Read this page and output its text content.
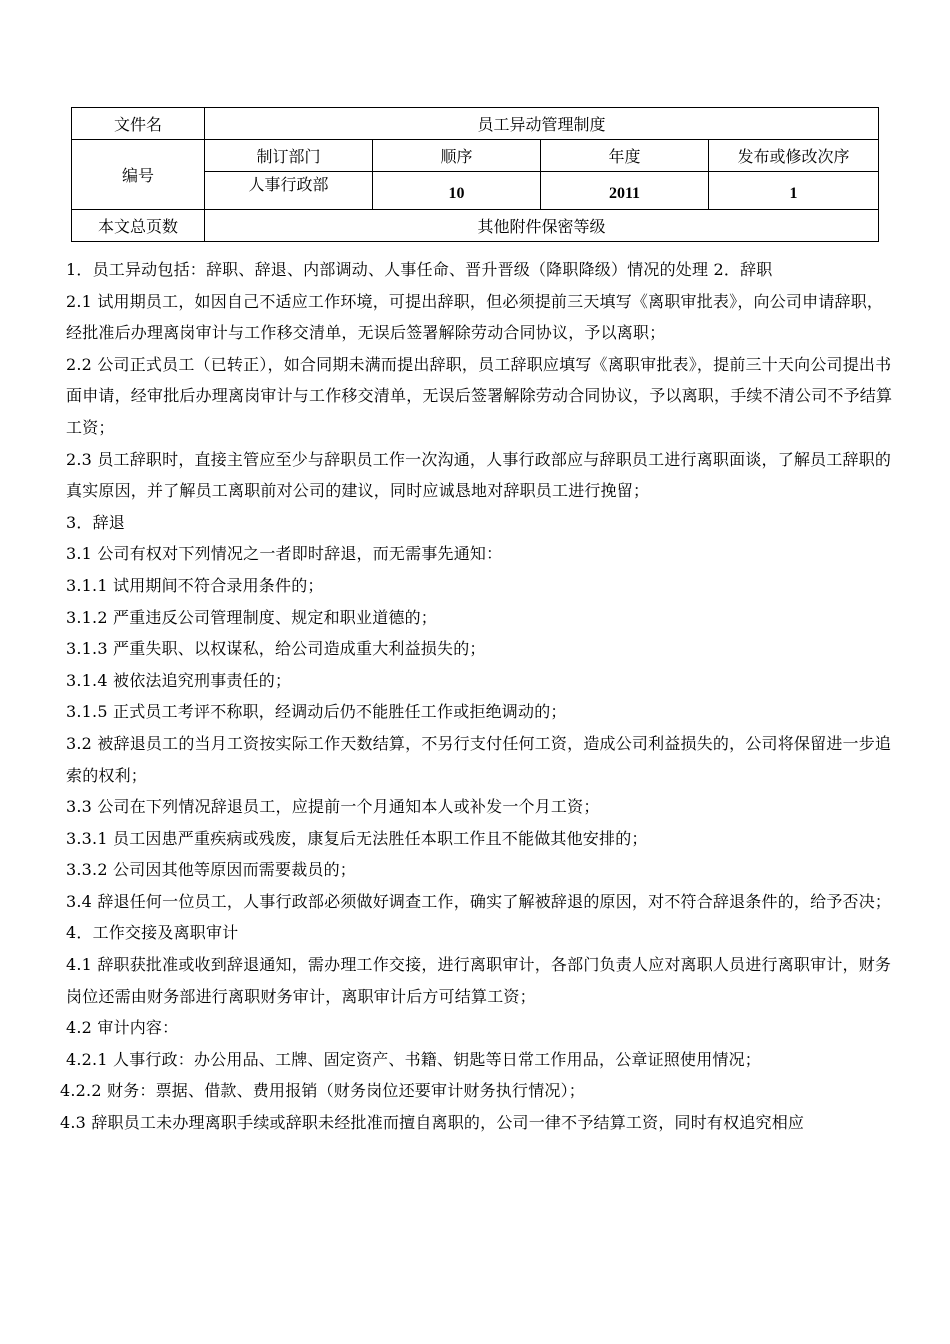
文件名	员工异动管理制度			
编号	制订部门	顺序	年度	发布或修改次序
	人事行政部	10	2011	1
本文总页数	其他附件保密等级			

1．员工异动包括：辞职、辞退、内部调动、人事任命、晋升晋级（降职降级）情况的处理 2．辞职

2.1 试用期员工，如因自己不适应工作环境，可提出辞职，但必须提前三天填写《离职审批表》，向公司申请辞职，经批准后办理离岗审计与工作移交清单，无误后签署解除劳动合同协议，予以离职；

2.2 公司正式员工（已转正），如合同期未满而提出辞职，员工辞职应填写《离职审批表》，提前三十天向公司提出书面申请，经审批后办理离岗审计与工作移交清单，无误后签署解除劳动合同协议，予以离职，手续不清公司不予结算工资；

2.3 员工辞职时，直接主管应至少与辞职员工作一次沟通，人事行政部应与辞职员工进行离职面谈，了解员工辞职的真实原因，并了解员工离职前对公司的建议，同时应诚恳地对辞职员工进行挽留；

3．辞退

3.1 公司有权对下列情况之一者即时辞退，而无需事先通知：

3.1.1 试用期间不符合录用条件的；

3.1.2 严重违反公司管理制度、规定和职业道德的；

3.1.3 严重失职、以权谋私，给公司造成重大利益损失的；

3.1.4 被依法追究刑事责任的；

3.1.5 正式员工考评不称职，经调动后仍不能胜任工作或拒绝调动的；

3.2 被辞退员工的当月工资按实际工作天数结算，不另行支付任何工资，造成公司利益损失的，公司将保留进一步追索的权利；

3.3 公司在下列情况辞退员工，应提前一个月通知本人或补发一个月工资；

3.3.1 员工因患严重疾病或残废，康复后无法胜任本职工作且不能做其他安排的；

3.3.2 公司因其他等原因而需要裁员的；

3.4 辞退任何一位员工，人事行政部必须做好调查工作，确实了解被辞退的原因，对不符合辞退条件的，给予否决；

4．工作交接及离职审计

4.1 辞职获批准或收到辞退通知，需办理工作交接，进行离职审计，各部门负责人应对离职人员进行离职审计，财务岗位还需由财务部进行离职财务审计，离职审计后方可结算工资；

4.2 审计内容：

4.2.1 人事行政：办公用品、工牌、固定资产、书籍、钥匙等日常工作用品，公章证照使用情况；

4.2.2 财务：票据、借款、费用报销（财务岗位还要审计财务执行情况）；

4.3 辞职员工未办理离职手续或辞职未经批准而擅自离职的，公司一律不予结算工资，同时有权追究相应
